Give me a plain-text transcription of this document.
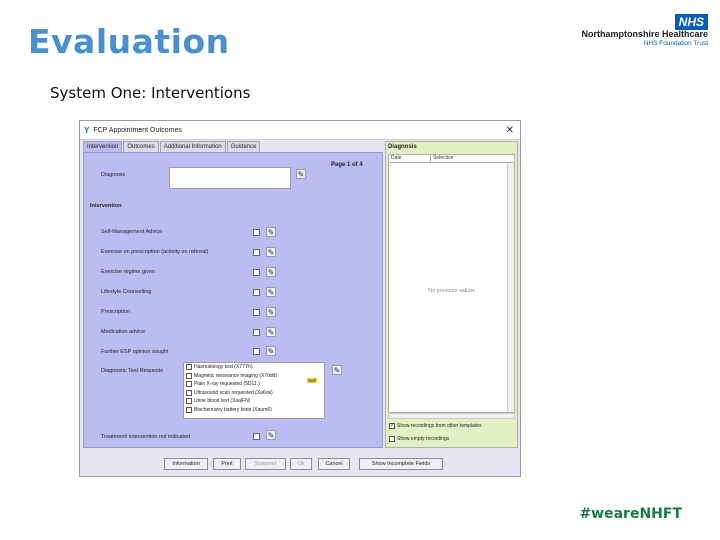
Evaluation
System One: Interventions
NHS
Northamptonshire Healthcare
NHS Foundation Trust
Y FCP Appointment Outcomes	✕
Intervention	Outcomes	Additional Information	Guidance
Page 1 of 4
Diagnosis	✎
Intervention
Self-Management Advice	✎
Exercise on prescription (activity on referral)	✎
Exercise regime given	✎
Lifestyle Counselling	✎
Prescription	✎
Medication advice	✎
Further ESP opinion sought	✎
Diagnostic Test Requests
Haematology test (X77Yh)
Magnetic resonance imaging (X70dd)
Plain X-ray requested (5D11.)
Ultrasound scan requested (Xa6ok)
Urine blood test (XaalFN)
Biochemistry battery tests (Xaum6)
Self
✎
Treatment/ intervention not indicated	✎
Diagnosis
Date	Selection
No previous values
✓ Show recordings from other templates
Show empty recordings
Information	Print	Suspend	Ok	Cancel	Show Incomplete Fields
#weareNHFT
